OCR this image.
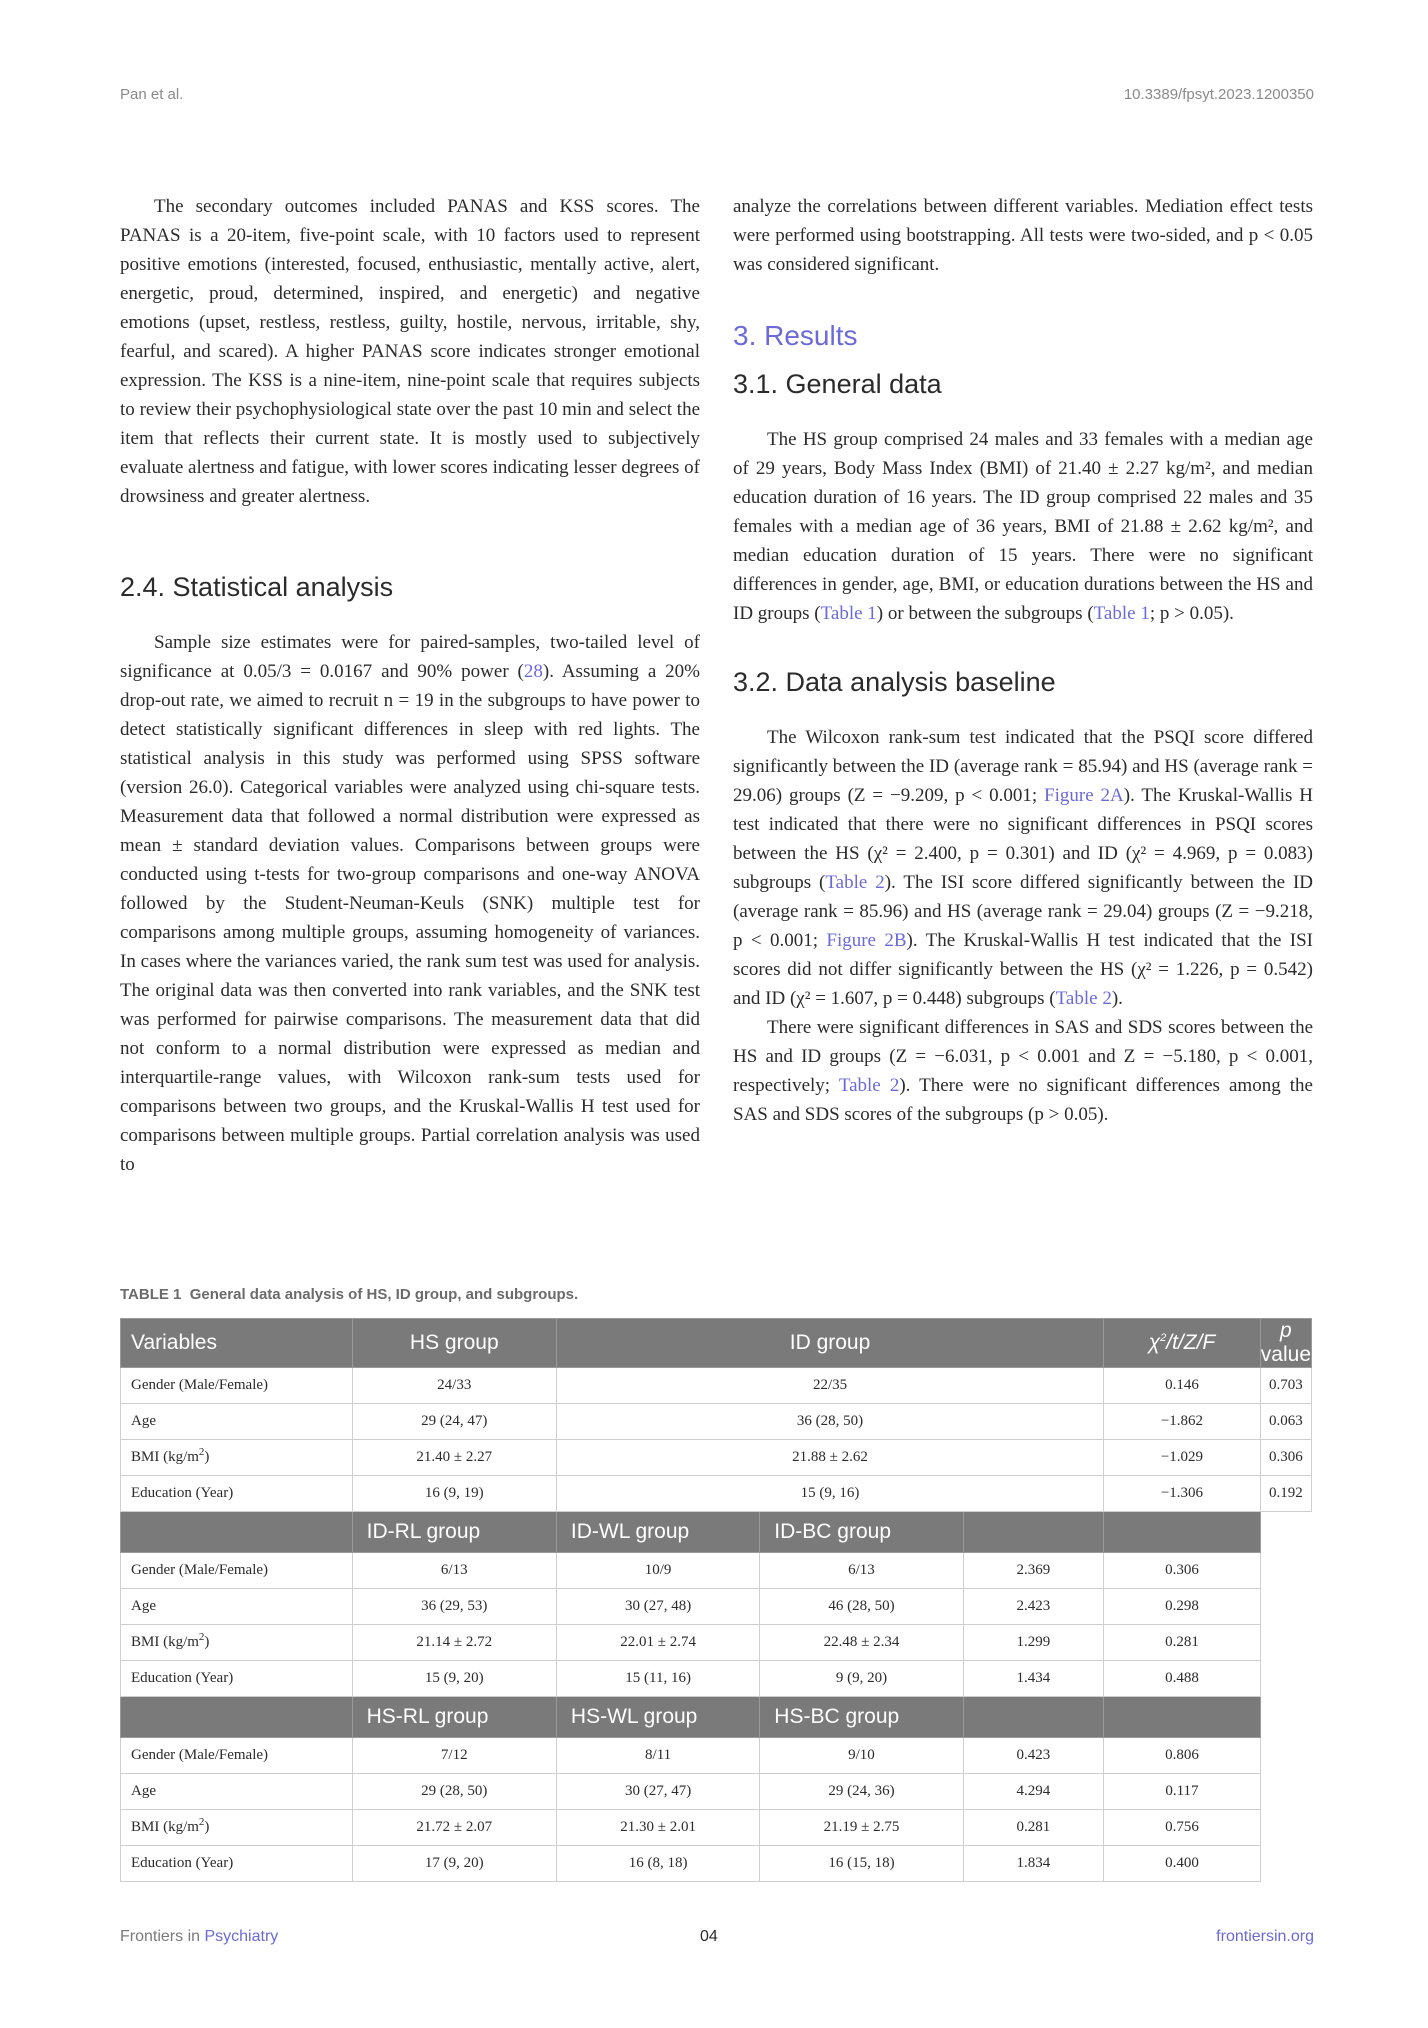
Pan et al.	10.3389/fpsyt.2023.1200350

The secondary outcomes included PANAS and KSS scores. The PANAS is a 20-item, five-point scale, with 10 factors used to represent positive emotions (interested, focused, enthusiastic, mentally active, alert, energetic, proud, determined, inspired, and energetic) and negative emotions (upset, restless, restless, guilty, hostile, nervous, irritable, shy, fearful, and scared). A higher PANAS score indicates stronger emotional expression. The KSS is a nine-item, nine-point scale that requires subjects to review their psychophysiological state over the past 10 min and select the item that reflects their current state. It is mostly used to subjectively evaluate alertness and fatigue, with lower scores indicating lesser degrees of drowsiness and greater alertness.

2.4. Statistical analysis

Sample size estimates were for paired-samples, two-tailed level of significance at 0.05/3 = 0.0167 and 90% power (28). Assuming a 20% drop-out rate, we aimed to recruit n = 19 in the subgroups to have power to detect statistically significant differences in sleep with red lights. The statistical analysis in this study was performed using SPSS software (version 26.0). Categorical variables were analyzed using chi-square tests. Measurement data that followed a normal distribution were expressed as mean ± standard deviation values. Comparisons between groups were conducted using t-tests for two-group comparisons and one-way ANOVA followed by the Student-Neuman-Keuls (SNK) multiple test for comparisons among multiple groups, assuming homogeneity of variances. In cases where the variances varied, the rank sum test was used for analysis. The original data was then converted into rank variables, and the SNK test was performed for pairwise comparisons. The measurement data that did not conform to a normal distribution were expressed as median and interquartile-range values, with Wilcoxon rank-sum tests used for comparisons between two groups, and the Kruskal-Wallis H test used for comparisons between multiple groups. Partial correlation analysis was used to

analyze the correlations between different variables. Mediation effect tests were performed using bootstrapping. All tests were two-sided, and p < 0.05 was considered significant.

3. Results
3.1. General data

The HS group comprised 24 males and 33 females with a median age of 29 years, Body Mass Index (BMI) of 21.40 ± 2.27 kg/m², and median education duration of 16 years. The ID group comprised 22 males and 35 females with a median age of 36 years, BMI of 21.88 ± 2.62 kg/m², and median education duration of 15 years. There were no significant differences in gender, age, BMI, or education durations between the HS and ID groups (Table 1) or between the subgroups (Table 1; p > 0.05).

3.2. Data analysis baseline

The Wilcoxon rank-sum test indicated that the PSQI score differed significantly between the ID (average rank = 85.94) and HS (average rank = 29.06) groups (Z = −9.209, p < 0.001; Figure 2A). The Kruskal-Wallis H test indicated that there were no significant differences in PSQI scores between the HS (χ² = 2.400, p = 0.301) and ID (χ² = 4.969, p = 0.083) subgroups (Table 2). The ISI score differed significantly between the ID (average rank = 85.96) and HS (average rank = 29.04) groups (Z = −9.218, p < 0.001; Figure 2B). The Kruskal-Wallis H test indicated that the ISI scores did not differ significantly between the HS (χ² = 1.226, p = 0.542) and ID (χ² = 1.607, p = 0.448) subgroups (Table 2).

There were significant differences in SAS and SDS scores between the HS and ID groups (Z = −6.031, p < 0.001 and Z = −5.180, p < 0.001, respectively; Table 2). There were no significant differences among the SAS and SDS scores of the subgroups (p > 0.05).

TABLE 1 General data analysis of HS, ID group, and subgroups.
Variables	HS group	ID group			$\chi^2/t/Z/F$	p value
Gender (Male/Female)	24/33	22/35			0.146	0.703
Age	29 (24, 47)	36 (28, 50)			−1.862	0.063
BMI $(kg/m^2)$	21.40 ± 2.27	21.88 ± 2.62			−1.029	0.306
Education (Year)	16 (9, 19)	15 (9, 16)			−1.306	0.192
	ID-RL group	ID-WL group	ID-BC group			
Gender (Male/Female)	6/13	10/9	6/13	2.369	0.306	
Age	36 (29, 53)	30 (27, 48)	46 (28, 50)	2.423	0.298	
BMI $(kg/m^2)$	21.14 ± 2.72	22.01 ± 2.74	22.48 ± 2.34	1.299	0.281	
Education (Year)	15 (9, 20)	15 (11, 16)	9 (9, 20)	1.434	0.488	
	HS-RL group	HS-WL group	HS-BC group			
Gender (Male/Female)	7/12	8/11	9/10	0.423	0.806	
Age	29 (28, 50)	30 (27, 47)	29 (24, 36)	4.294	0.117	
BMI $(kg/m^2)$	21.72 ± 2.07	21.30 ± 2.01	21.19 ± 2.75	0.281	0.756	
Education (Year)	17 (9, 20)	16 (8, 18)	16 (15, 18)	1.834	0.400	
Frontiers in Psychiatry	04	frontiersin.org
